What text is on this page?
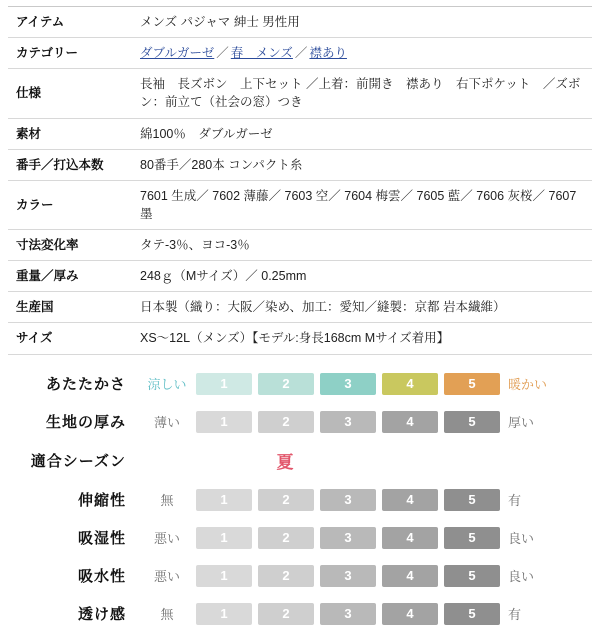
アイテム	メンズ パジャマ 紳士 男性用
カテゴリー	ダブルガーゼ ／ 春　メンズ ／ 襟あり
仕様	長袖　長ズボン　上下セット ／上着：前開き　襟あり　右下ポケット　／ズボン：前立て（社会の窓）つき
素材	綿100％　ダブルガーゼ
番手／打込本数	80番手／280本 コンパクト糸
カラー	7601 生成／ 7602 薄藤／ 7603 空／ 7604 梅雲／ 7605 藍／ 7606 灰桜／ 7607 墨
寸法変化率	タテ-3％、ヨコ-3％
重量／厚み	248ｇ（Mサイズ）／ 0.25mm
生産国	日本製（織り：大阪／染め、加工：愛知／縫製：京都 岩本繊維）
サイズ	XS〜12L（メンズ）【モデル:身長168cm Mサイズ着用】
あたたかさ	涼しい	1	2	3	4	5	暖かい
生地の厚み	薄い	1	2	3	4	5	厚い
適合シーズン	夏
伸縮性	無	1	2	3	4	5	有
吸湿性	悪い	1	2	3	4	5	良い
吸水性	悪い	1	2	3	4	5	良い
透け感	無	1	2	3	4	5	有
